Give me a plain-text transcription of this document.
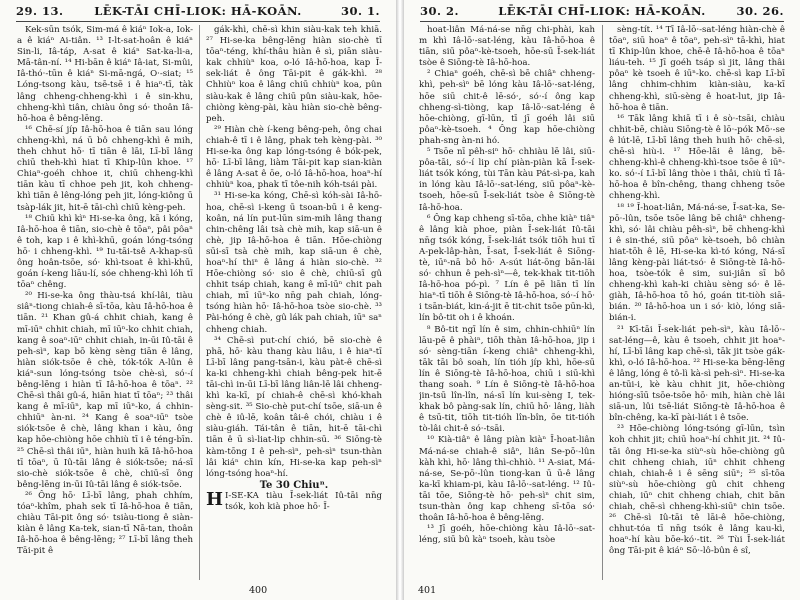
29. 13.	LĒK-TĀI CHĪ-LIOK: HĀ-KOĀN.	30. 1.

Kek-sūn tsók, Sim-má ê kiáⁿ Iok-a, Iok-a ê kiáⁿ Ai-tiân. ¹³ I-lt-sat-hoân ê kiáⁿ Sin-li, Iâ-táp, A-sat ê kiáⁿ Sat-ka-li-a, Mā-tân-ní. ¹⁴ Hi-bān ê kiáⁿ Iâ-iat, Si-mûi, Iâ-thó·-tūn ê kiáⁿ Si-mā-ngá, O·-siat; ¹⁵ Lóng-tsong kàu, tsē-tsē i ê hiaⁿ-tī, tàk lâng chheng-chheng-khì i ê sin-khu, chheng-khì tiân, chiàu ông só· thoân Iâ-hō-hoa ê bêng-lēng.

¹⁶ Chē-sí jíp Iâ-hō-hoa ê tiān sau lóng chheng-khì, ná ū bô chheng-khì ê mih, theh chhut hō· tī tiān ê lāi, Lī-bī lâng chiū theh-khì hiat tī Khip-lûn khoe. ¹⁷ Chiaⁿ-goéh chhoe it, chiū chheng-khì tiān kàu tī chhoe peh jit, koh chheng-khì tiān ê lêng-lóng peh jit, lóng-kiông ū tsàp-lák jit, hit-ē tāi-chì chiū kèng-peh.

¹⁸ Chiū khì kìⁿ Hi-se-ka ông, kā i kóng, Iâ-hō-hoa ê tiān, sio-chè ê tōaⁿ, pâi pôaⁿ ê toh, kap i ê khì-khū, goán lóng-tsóng hō· i chheng-khì. ¹⁹ Iu-tāi-tsê A-khap-sū ông hoân-tsōe, só· khì-tsoat ê khì-khū, goán í-keng liāu-lí, sóe chheng-khì lóh tī tōaⁿ chêng.

²⁰ Hi-se-ka ông thàu-tsá khí-lâi, tiàu siâⁿ-tiong chiah-ê sī-tōa, kàu Iâ-hō-hoa ê tiān. ²¹ Khan gû-á chhit chiah, kang ê mī-iūⁿ chhit chiah, mī iūⁿ-ko chhit chiah, kang ê soaⁿ-iūⁿ chhit chiah, in-ūi Iû-tāi ê peh-sìⁿ, kap bō kèng sèng tiān ê lâng, hiàn siók-tsōe ê chè, tók-tók A-lûn ê kiáⁿ-sun lóng-tsóng tsòe chè-sì, só·-í bêng-lēng i hiàn tī Iâ-hō-hoa ê tōaⁿ. ²² Chē-sì thâi gû-á, hiān hiat tī tōaⁿ; ²³ thâi kang ê mī-iūⁿ, kap mī iūⁿ-ko, á chhin-chhiūⁿ àn-ni. ²⁴ Kang ê soaⁿ-iūⁿ tsòe siók-tsōe ê chè, lâng khan i kàu, ông kap hōe-chiòng hōe chhiù tī i ê téng-bīn. ²⁵ Chē-sì thâi iūⁿ, hiàn huih kā Iâ-hō-hoa tī tōaⁿ, ū Iû-tāi lâng ê siók-tsōe; ná-sī sio-chè siók-tsōe ê chè, chiū-sī ông bêng-lēng in-ūi Iû-tāi lâng ê siók-tsōe.

²⁶ Ông hō· Lī-bī lâng, phah chhím, tóaⁿ-khîm, phah sek tī Iâ-hō-hoa ê tiān, chiàu Tāi-pit ông só· tsiàu-tiong ê siàn-kiàn ê lâng Ka-tek, sian-tī Nā-tan, thoân Iâ-hō-hoa ê bêng-lēng; ²⁷ Lī-bī lâng theh Tāi-pit ê

gák-khì, chē-sì khin siàu-kak teh khiā. ²⁷ Hi-se-ka bêng-lēng hiàn sio-chè tī tōaⁿ-téng, khí-thâu hiàn ê sì, piān siàu-kak chhiùⁿ koa, o-ló Iâ-hō-hoa, kap Ī-sek-liát ê ông Tāi-pit ê gák-khì. ²⁸ Chhiùⁿ koa ê lâng chiū chhiùⁿ koa, pûn siàu-kak ê lâng chiū pûn siàu-kak, hōe-chiòng kèng-pài, kàu hiàn sio-chè bêng-peh.

²⁹ Hiàn chè í-keng bêng-peh, ông chai chiah-ê tī i ê lâng, phak teh kèng-pài. ³⁰ Hi-se-ka ông kap lóng-tsóng ê bók-pek, hō· Lī-bī lâng, liàm Tāi-pit kap sian-kiàn ê lâng A-sat ê ōe, o-ló Iâ-hō-hoa, hoaⁿ-hí chhiùⁿ koa, phak tī tôe-nih kóh-tsái pài.

³¹ Hi-se-ka kóng, Chē-sì kóh-sài Iâ-hō-hoa, chē-sì i-keng ū tsoan-bū i ê keng-koân, ná lín put-lūn sim-mih lâng thang chin-chêng lâi tsà chè mih, kap siā-un ê chè, jip Iâ-hō-hoa ê tiān. Hōe-chiòng sūi-sī tsà chè mih, kap siā-un ê chè, hoaⁿ-hí thiⁿ ê lâng á hiàn sio-chè. ³² Hōe-chiòng só· sio ê chè, chiū-sī gû chhit tsáp chiah, kang ê mī-iūⁿ chit pah chiah, mī iūⁿ-ko nn̄g pah chiah, lóng-tsóng hiàn hō· Iâ-hō-hoa tsòe sio-chè. ³³ Pài-hóng ê chè, gû lák pah chiah, iūⁿ saⁿ chheng chiah.

³⁴ Chē-sì put-chí chió, bē sio-chè ê phā, hō· kàu thang kàu liâu, i ê hiaⁿ-tī Lī-bī lâng pang-tsān-i, kàu pàt-ê chē-sì ka-ki chheng-khì chiah bêng-pek hit-ē tāi-chì in-ūi Lī-bī lâng liân-lē lâi chheng-khì ka-kī, pí chiah-ê chē-sì khó-khah sèng-sit. ³⁵ Sio-chè put-chí tsōe, siā-un ê chè ê iû-lē, koân tâi-ê chói, chiàu i ê siàu-giáh. Tái-tân ê tiān, hit-ē tāi-chì tiān ê ū sì-liat-lip chhin-sū. ³⁶ Siōng-tè kàm-tōng I ê peh-sìⁿ, peh-sìⁿ tsun-thàn lâi kiáⁿ chin kín, Hi-se-ka kap peh-sìⁿ lóng-tsóng hoaⁿ-hí.

Te 30 Chiuⁿ.

H I-SE-KA tiàu Ī-sek-liát Iû-tāi nn̄g tsók, koh kià phoe hō· Ī-

400
30. 2.	LĒK-TĀI CHĪ-LIOK: HĀ-KOĀN.	30. 26.

hoat-liân Má-ná-se nn̄g chi-phài, kah m khì Iâ-lō·-sat-léng, kàu Iâ-hō-hoa ê tiān, siū pôaⁿ-kè-tsoeh, hōe-sū Ī-sek-liát tsòe ê Siōng-tè Iâ-hō-hoa.

² Chiaⁿ goéh, chē-sì bē chiâⁿ chheng-khì, peh-sìⁿ bē lóng kàu Iâ-lō·-sat-léng, hōe siū chit-ê lē-só·, só·-í ông kap chheng-sì-tiòng, kap Iâ-lō·-sat-léng ê hōe-chiòng, gī-lūn, tī jī goéh lâi siū pôaⁿ-kè-tsoeh. ⁴ Ông kap hōe-chiòng phah-sng àn-ni hó.

⁵ Tsōe nī pêh-siⁿ hō· chhiàu lē lâi, siū-pôa-tāi, só·-í lip chí piàn-piàn kā Ī-sek-liát tsók kóng, tùi Tān kàu Pát-sì-pa, kah in lóng kàu Iâ-lō·-sat-léng, siū pôaⁿ-kè-tsoeh, hōe-sū Ī-sek-liát tsòe ê Siōng-tè Iâ-hō-hoa.

⁶ Ông kap chheng sī-tōa, chhe kiàⁿ tiâⁿ ê lâng kià phoe, piàn Ī-sek-liát Iû-tāi nn̄g tsók kóng, Ī-sek-liát tsók tiōh hui tī A-pek-lâp-hàn, Ī-sat, Ī-sek-liát ê Siōng-tè, iūⁿ-nā bô hō· A-sút liát-ōng bān-lāi só· chhun ê peh-sìⁿ—ê, tek-khak tit-tiōh Iâ-hō-hoa pó-pì. ⁷ Lín ê pē liān tī lín hiaⁿ-tī tiōh ê Siōng-tè Iâ-hō-hoa, só·-í hō· i tsān-biát, kin-á-jit ē tit-chit tsōe pūn-kì, lín bô-tit oh i ê khoán.

⁸ Bô-tit ngī lín ê sim, chhin-chhiūⁿ lín lāu-pē ê phàiⁿ, tiōh thàn Iâ-hō-hoa, jip i só· sèng-tiān í-keng chiâⁿ chheng-khì, tāk tāi bô soah, lín tióh jíp khì, hōe-sū lín ê Siōng-tè Iâ-hō-hoa, chiū i siū-khì thang soah. ⁹ Lín ê Siōng-tè Iâ-hō-hoa jin-tsū lîn-lîn, ná-sī lín kui-sèng I, tek-khak bô pàng-sak lín, chiū hō· lâng, liàh ê tsū-tit, tiōh tit-tióh lîn-bîn, ōe tit-tióh tò-lâi chit-ê só·-tsāi.

¹⁰ Kià-tiâⁿ ê lâng piàn kiàⁿ Ī-hoat-liân Má-ná-se chiah-ê siâⁿ, liân Se-pō·-lûn kàh khì, hō· lâng thì-chhiò. ¹¹ A-siat, Má-ná-se, Se-pō·-lûn tiong-kan ū ū-ê lâng ka-kī khiam-pi, kàu Iâ-lō·-sat-léng. ¹² Iû-tāi tōe, Siōng-tè hō· peh-sìⁿ chit sim, tsun-thàn ông kap chheng sī-tōa só· thoân Iâ-hō-hoa ê bêng-lēng.

¹³ Jī goéh, hōe-chiòng kàu Iâ-lō·-sat-léng, siū bû kàⁿ tsoeh, kàu tsòe

sèng-tít. ¹⁴ Tī Iâ-lō·-sat-léng hiàn-chè ê tōaⁿ, siū hoaⁿ ê tōaⁿ, peh-sìⁿ tā-khì, hiat tī Khip-lûn khoe, chē-ê Iâ-hō-hoa ê tōaⁿ liáu-teh. ¹⁵ Jī goéh tsáp sì jit, lâng thâi pôaⁿ kè tsoeh ê iūⁿ-ko. chē-sì kap Lī-bī lâng chhim-chhim kiàn-siàu, ka-kī chheng-khì, siū-sèng ê hoat-lut, jip Iâ-hō-hoa ê tiān.

¹⁶ Tāk lâng khiā tī i ê sò·-tsāi, chiàu chhit-bē, chiàu Siōng-tè ê lō·-pók Mō·-se ê lút-lē, Lī-bī lâng theh huih hō· chē-sì, chē-sì hiù-i. ¹⁷ Hōe-lāi ê lâng, bē-chheng-khì-ê chheng-khì-tsoe tsōe ê iūⁿ-ko. só·-í Lī-bī lâng thòe i thâi, chiù tī Iâ-hō-hoa ê bîn-chêng, thang chheng tsōe chheng-khì.

¹⁸ ¹⁹ Ī-hoat-liân, Má-ná-se, Ī-sat-ka, Se-pō·-lûn, tsōe tsōe lâng bē chiâⁿ chheng-khì, só· lâi chiàu pêh-sìⁿ, bē chheng-khì i ê sin-thé, siū pôaⁿ kè-tsoeh, bô chiàn hiat-tōh ê lē, Hi-se-ka kì-tó kóng, Ná-sī lâng kèng-pài liát-tsó· ê Siōng-tè Iâ-hō-hoa, tsòe-tók ê sim, sui-jiân sī bô chheng-khì kah-ki chiàu sèng só· ê lē-giàh, Iâ-hō-hoa tō hó, goán tit-tiòh siā-bián. ²⁰ Iâ-hō-hoa un i só· kiò, lóng siā-bián-i.

²¹ Kī-tāi Ī-sek-liát peh-sìⁿ, kàu Iâ-lō·-sat-léng—ê, kàu ê tsoeh, chhit jit hoaⁿ-hí, Lī-bī lâng kap chē-sì, tāk jit tsòe gák-khì, o-ló Iâ-hō-hoa. ²² Hi-se-ka bēng-lēng ê lâng, lóng ê tô-lì kà-sì peh-sìⁿ. Hi-se-ka an-tūi-i, kè kàu chhit jit, hōe-chiòng hióng-sīū tsōe-tsōe hō· mih, hiàn chè lâi siā-un, lûi tsē-liát Siōng-tè Iâ-hō-hoa ê bîn-chêng, ka-kī pài-liát i ê tsōe.

²³ Hōe-chiòng lóng-tsóng gī-lūn, tsìn koh chhit jit; chiū hoaⁿ-hí chhit jit. ²⁴ Iû-tāi ông Hi-se-ka siùⁿ-sù hōe-chiòng gû chit chheng chiah, iūⁿ chhit chheng chiah, chiah-ê i ê sēng siūⁿ; ²⁵ sī-tōa siùⁿ-sù hōe-chiòng gû chit chheng chiah, iūⁿ chit chheng chiah, chit bān chiah, chē-sì chheng-khì-siūⁿ chin tsōe. ²⁶ Chē-sì Iû-tāi tê lāi-ê hōe-chiòng, chhut-tóa tī nn̄g tsók ê lâng kau-kì, hoaⁿ-hí kàu bōe-kó·-tit. ²⁶ Tùi Ī-sek-liát ông Tāi-pit ê kiáⁿ Sō·-lô-bûn ê sî,

401
